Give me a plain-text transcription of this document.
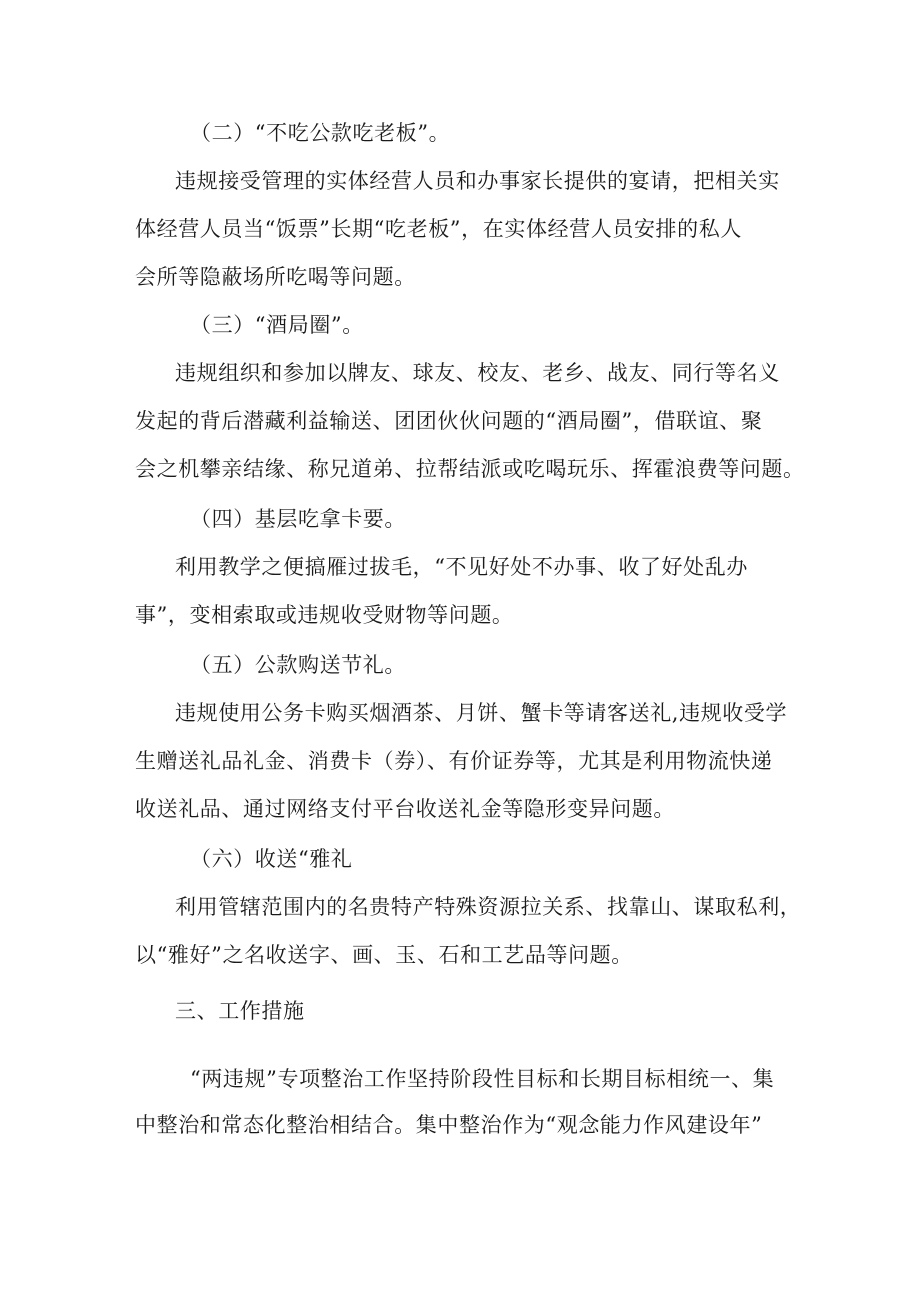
（二）“不吃公款吃老板”。
违规接受管理的实体经营人员和办事家长提供的宴请，把相关实
体经营人员当“饭票”长期“吃老板”，在实体经营人员安排的私人
会所等隐蔽场所吃喝等问题。
（三）“酒局圈”。
违规组织和参加以牌友、球友、校友、老乡、战友、同行等名义
发起的背后潜藏利益输送、团团伙伙问题的“酒局圈”，借联谊、聚
会之机攀亲结缘、称兄道弟、拉帮结派或吃喝玩乐、挥霍浪费等问题。
（四）基层吃拿卡要。
利用教学之便搞雁过拔毛，“不见好处不办事、收了好处乱办
事”，变相索取或违规收受财物等问题。
（五）公款购送节礼。
违规使用公务卡购买烟酒茶、月饼、蟹卡等请客送礼,违规收受学
生赠送礼品礼金、消费卡（券）、有价证券等，尤其是利用物流快递
收送礼品、通过网络支付平台收送礼金等隐形变异问题。
（六）收送“雅礼
利用管辖范围内的名贵特产特殊资源拉关系、找靠山、谋取私利，
以“雅好”之名收送字、画、玉、石和工艺品等问题。
三、工作措施
“两违规”专项整治工作坚持阶段性目标和长期目标相统一、集
中整治和常态化整治相结合。集中整治作为“观念能力作风建设年”
